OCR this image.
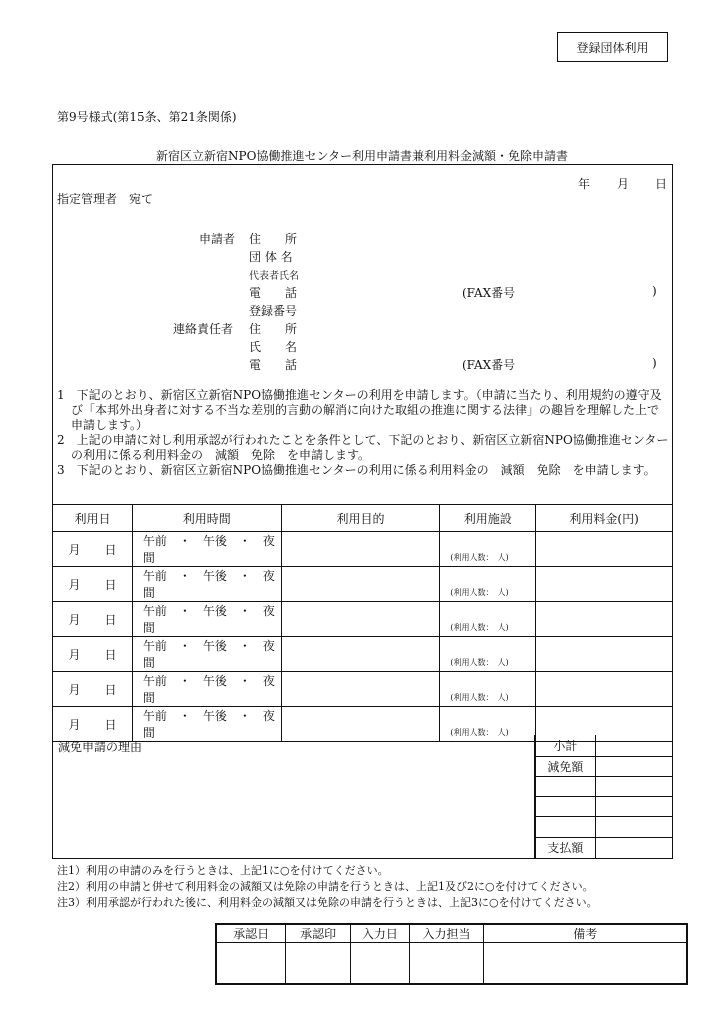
登録団体利用
第9号様式(第15条、第21条関係)
新宿区立新宿NPO協働推進センター利用申請書兼利用料金減額・免除申請書
年 月 日
指定管理者　宛て
申請者 住　　所
団 体 名
代表者氏名
電　　話	(FAX番号	)
登録番号
連絡責任者 住　　所
氏　　名
電　　話	(FAX番号	)
1　下記のとおり、新宿区立新宿NPO協働推進センターの利用を申請します。（申請に当たり、利用規約の遵守及び「本邦外出身者に対する不当な差別的言動の解消に向けた取組の推進に関する法律」の趣旨を理解した上で申請します。）
2　上記の申請に対し利用承認が行われたことを条件として、下記のとおり、新宿区立新宿NPO協働推進センターの利用に係る利用料金の　減額　免除　を申請します。
3　下記のとおり、新宿区立新宿NPO協働推進センターの利用に係る利用料金の　減額　免除　を申請します。
利用日	利用時間	利用目的	利用施設	利用料金(円)
月　　日	午前　・　午後　・　夜間		(利用人数：　人)	
月　　日	午前　・　午後　・　夜間		(利用人数：　人)	
月　　日	午前　・　午後　・　夜間		(利用人数：　人)	
月　　日	午前　・　午後　・　夜間		(利用人数：　人)	
月　　日	午前　・　午後　・　夜間		(利用人数：　人)	
月　　日	午前　・　午後　・　夜間		(利用人数：　人)	
減免申請の理由	小計	
減免額	

支払額	
注1）利用の申請のみを行うときは、上記1に○を付けてください。
注2）利用の申請と併せて利用料金の減額又は免除の申請を行うときは、上記1及び2に○を付けてください。
注3）利用承認が行われた後に、利用料金の減額又は免除の申請を行うときは、上記3に○を付けてください。
承認日	承認印	入力日	入力担当	備考
